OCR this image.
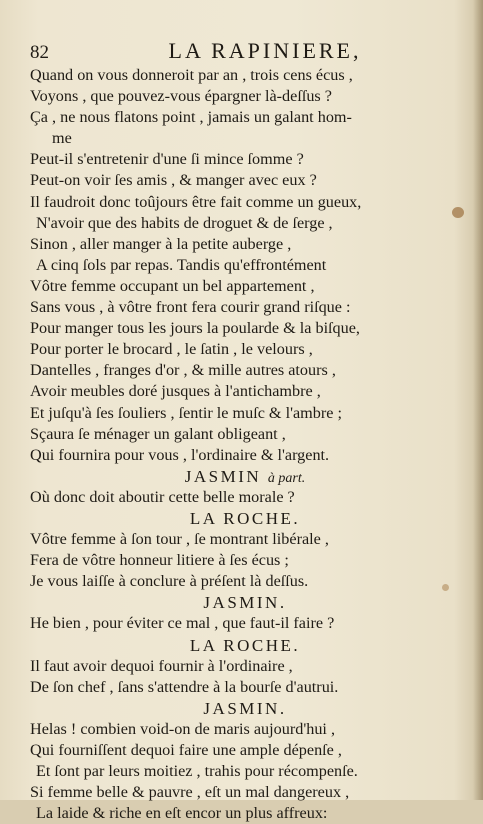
82	LA RAPINIERE,
Quand on vous donneroit par an , trois cens écus ,
Voyons , que pouvez-vous épargner là-deſſus ?
Ça , ne nous flatons point , jamais un galant hom-
me
Peut-il s'entretenir d'une ſi mince ſomme ?
Peut-on voir ſes amis , & manger avec eux ?
Il faudroit donc toûjours être fait comme un gueux,
N'avoir que des habits de droguet & de ſerge ,
Sinon , aller manger à la petite auberge ,
A cinq ſols par repas. Tandis qu'effrontément
Vôtre femme occupant un bel appartement ,
Sans vous , à vôtre front fera courir grand riſque :
Pour manger tous les jours la poularde & la biſque,
Pour porter le brocard , le ſatin , le velours ,
Dantelles , franges d'or , & mille autres atours ,
Avoir meubles doré jusques à l'antichambre ,
Et juſqu'à ſes ſouliers , ſentir le muſc & l'ambre ;
Sçaura ſe ménager un galant obligeant ,
Qui fournira pour vous , l'ordinaire & l'argent.
JASMIN à part.
Où donc doit aboutir cette belle morale ?
LA ROCHE.
Vôtre femme à ſon tour , ſe montrant libérale ,
Fera de vôtre honneur litiere à ſes écus ;
Je vous laiſſe à conclure à préſent là deſſus.
JASMIN.
He bien , pour éviter ce mal , que faut-il faire ?
LA ROCHE.
Il faut avoir dequoi fournir à l'ordinaire ,
De ſon chef , ſans s'attendre à la bourſe d'autrui.
JASMIN.
Helas ! combien void-on de maris aujourd'hui ,
Qui fourniſſent dequoi faire une ample dépenſe ,
Et ſont par leurs moitiez , trahis pour récompenſe.
Si femme belle & pauvre , eſt un mal dangereux ,
La laide & riche en eſt encor un plus affreux:
